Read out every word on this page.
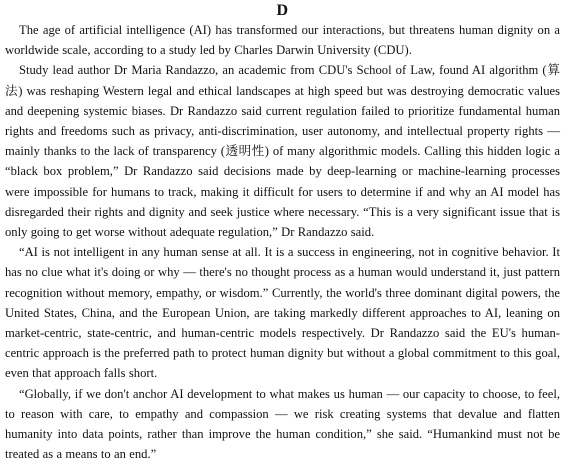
D

The age of artificial intelligence (AI) has transformed our interactions, but threatens human dignity on a worldwide scale, according to a study led by Charles Darwin University (CDU).

Study lead author Dr Maria Randazzo, an academic from CDU's School of Law, found AI algorithm (算法) was reshaping Western legal and ethical landscapes at high speed but was destroying democratic values and deepening systemic biases. Dr Randazzo said current regulation failed to prioritize fundamental human rights and freedoms such as privacy, anti-discrimination, user autonomy, and intellectual property rights — mainly thanks to the lack of transparency (透明性) of many algorithmic models. Calling this hidden logic a “black box problem,” Dr Randazzo said decisions made by deep-learning or machine-learning processes were impossible for humans to track, making it difficult for users to determine if and why an AI model has disregarded their rights and dignity and seek justice where necessary. “This is a very significant issue that is only going to get worse without adequate regulation,” Dr Randazzo said.

“AI is not intelligent in any human sense at all. It is a success in engineering, not in cognitive behavior. It has no clue what it's doing or why — there's no thought process as a human would understand it, just pattern recognition without memory, empathy, or wisdom.” Currently, the world's three dominant digital powers, the United States, China, and the European Union, are taking markedly different approaches to AI, leaning on market-centric, state-centric, and human-centric models respectively. Dr Randazzo said the EU's human-centric approach is the preferred path to protect human dignity but without a global commitment to this goal, even that approach falls short.

“Globally, if we don't anchor AI development to what makes us human — our capacity to choose, to feel, to reason with care, to empathy and compassion — we risk creating systems that devalue and flatten humanity into data points, rather than improve the human condition,” she said. “Humankind must not be treated as a means to an end.”
